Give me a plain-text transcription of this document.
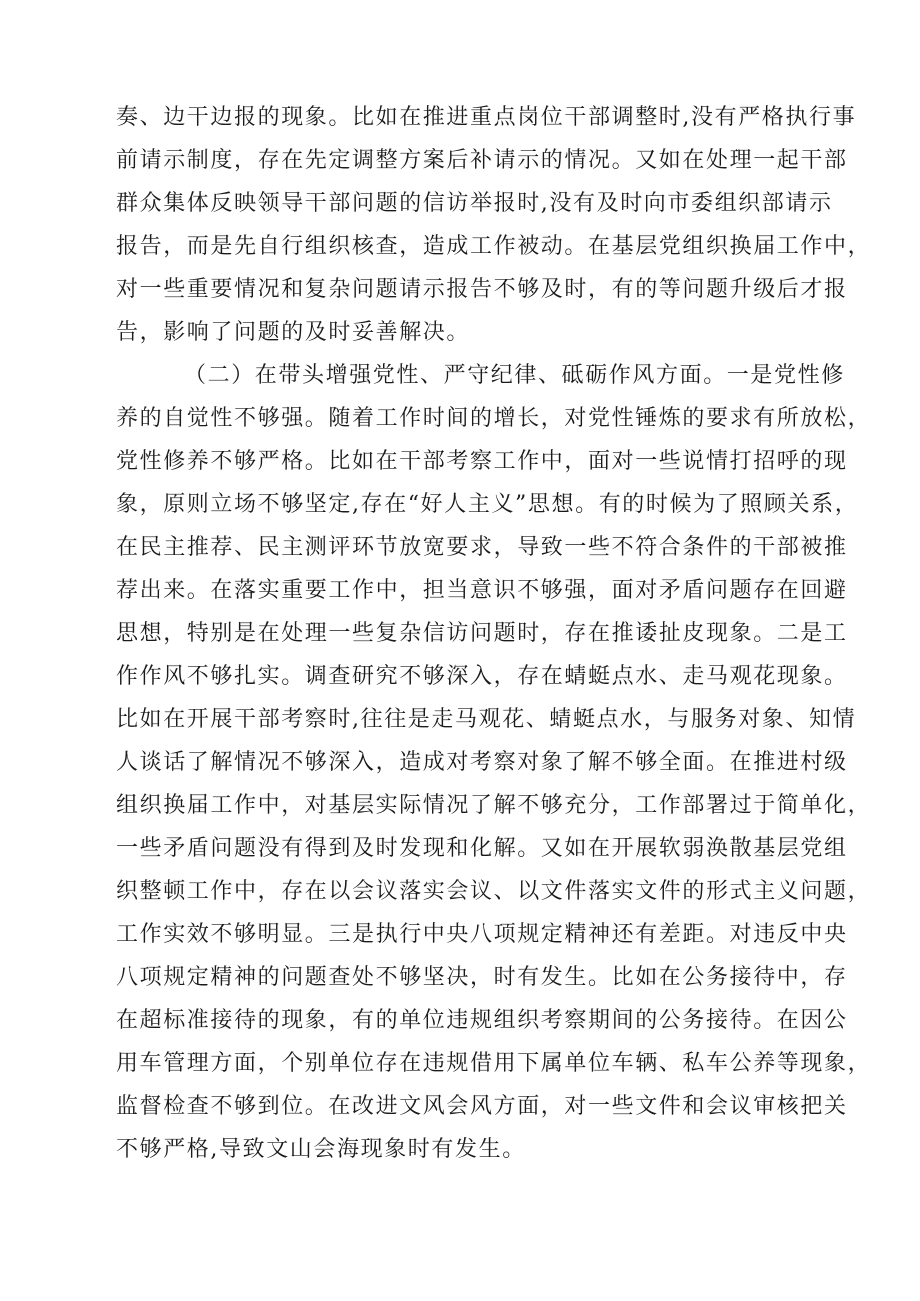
奏、边干边报的现象。比如在推进重点岗位干部调整时,没有严格执行事
前请示制度，存在先定调整方案后补请示的情况。又如在处理一起干部
群众集体反映领导干部问题的信访举报时,没有及时向市委组织部请示
报告，而是先自行组织核查，造成工作被动。在基层党组织换届工作中，
对一些重要情况和复杂问题请示报告不够及时，有的等问题升级后才报
告，影响了问题的及时妥善解决。
（二）在带头增强党性、严守纪律、砥砺作风方面。一是党性修
养的自觉性不够强。随着工作时间的增长，对党性锤炼的要求有所放松，
党性修养不够严格。比如在干部考察工作中，面对一些说情打招呼的现
象，原则立场不够坚定,存在“好人主义”思想。有的时候为了照顾关系，
在民主推荐、民主测评环节放宽要求，导致一些不符合条件的干部被推
荐出来。在落实重要工作中，担当意识不够强，面对矛盾问题存在回避
思想，特别是在处理一些复杂信访问题时，存在推诿扯皮现象。二是工
作作风不够扎实。调查研究不够深入，存在蜻蜓点水、走马观花现象。
比如在开展干部考察时,往往是走马观花、蜻蜓点水，与服务对象、知情
人谈话了解情况不够深入，造成对考察对象了解不够全面。在推进村级
组织换届工作中，对基层实际情况了解不够充分，工作部署过于简单化，
一些矛盾问题没有得到及时发现和化解。又如在开展软弱涣散基层党组
织整顿工作中，存在以会议落实会议、以文件落实文件的形式主义问题，
工作实效不够明显。三是执行中央八项规定精神还有差距。对违反中央
八项规定精神的问题查处不够坚决，时有发生。比如在公务接待中，存
在超标准接待的现象，有的单位违规组织考察期间的公务接待。在因公
用车管理方面，个别单位存在违规借用下属单位车辆、私车公养等现象，
监督检查不够到位。在改进文风会风方面，对一些文件和会议审核把关
不够严格,导致文山会海现象时有发生。
